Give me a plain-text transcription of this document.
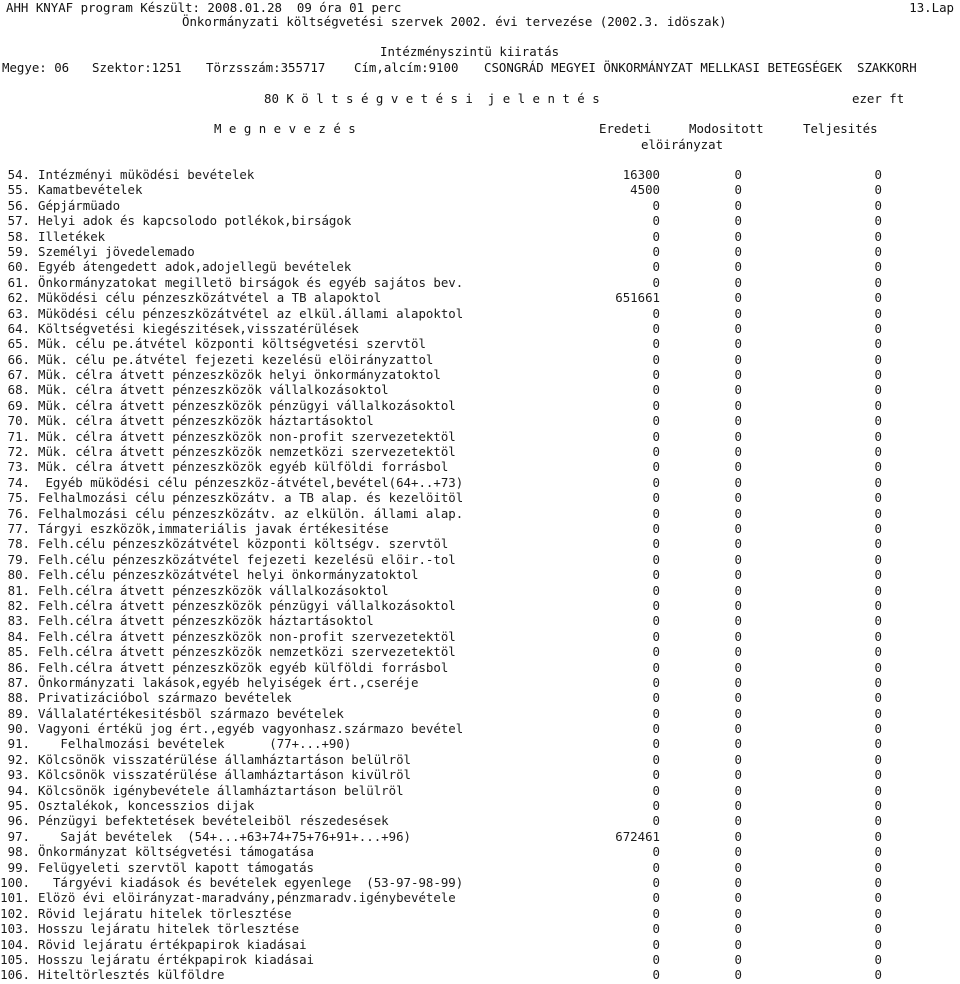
AHH KNYAF program Készült: 2008.01.28  09 óra 01 perc	13.Lap
Önkormányzati költségvetési szervek 2002. évi tervezése (2002.3. idöszak)
Intézményszintü kiiratás
Megye: 06 Szektor:1251 Törzsszám:355717 Cím,alcím:9100 CSONGRÁD MEGYEI ÖNKORMÁNYZAT MELLKASI BETEGSÉGEK  SZAKKORH
80 K ö l t s é g v e t é s i  j e l e n t é s	ezer ft
M e g n e v e z é s	Eredeti	Modositott	Teljesités
elöirányzat
54. Intézményi müködési bevételek	16300	0	0
55. Kamatbevételek	4500	0	0
56. Gépjármüado	0	0	0
57. Helyi adok és kapcsolodo potlékok,birságok	0	0	0
58. Illetékek	0	0	0
59. Személyi jövedelemado	0	0	0
60. Egyéb átengedett adok,adojellegü bevételek	0	0	0
61. Önkormányzatokat megilletö birságok és egyéb sajátos bev.	0	0	0
62. Müködési célu pénzeszközátvétel a TB alapoktol	651661	0	0
63. Müködési célu pénzeszközátvétel az elkül.állami alapoktol	0	0	0
64. Költségvetési kiegészitések,visszatérülések	0	0	0
65. Mük. célu pe.átvétel központi költségvetési szervtöl	0	0	0
66. Mük. célu pe.átvétel fejezeti kezelésü elöirányzattol	0	0	0
67. Mük. célra átvett pénzeszközök helyi önkormányzatoktol	0	0	0
68. Mük. célra átvett pénzeszközök vállalkozásoktol	0	0	0
69. Mük. célra átvett pénzeszközök pénzügyi vállalkozásoktol	0	0	0
70. Mük. célra átvett pénzeszközök háztartásoktol	0	0	0
71. Mük. célra átvett pénzeszközök non-profit szervezetektöl	0	0	0
72. Mük. célra átvett pénzeszközök nemzetközi szervezetektöl	0	0	0
73. Mük. célra átvett pénzeszközök egyéb külföldi forrásbol	0	0	0
74. Egyéb müködési célu pénzeszköz-átvétel,bevétel(64+..+73)	0	0	0
75. Felhalmozási célu pénzeszközátv. a TB alap. és kezelöitöl	0	0	0
76. Felhalmozási célu pénzeszközátv. az elkülön. állami alap.	0	0	0
77. Tárgyi eszközök,immateriális javak értékesitése	0	0	0
78. Felh.célu pénzeszközátvétel központi költségv. szervtöl	0	0	0
79. Felh.célu pénzeszközátvétel fejezeti kezelésü elöir.-tol	0	0	0
80. Felh.célu pénzeszközátvétel helyi önkormányzatoktol	0	0	0
81. Felh.célra átvett pénzeszközök vállalkozásoktol	0	0	0
82. Felh.célra átvett pénzeszközök pénzügyi vállalkozásoktol	0	0	0
83. Felh.célra átvett pénzeszközök háztartásoktol	0	0	0
84. Felh.célra átvett pénzeszközök non-profit szervezetektöl	0	0	0
85. Felh.célra átvett pénzeszközök nemzetközi szervezetektöl	0	0	0
86. Felh.célra átvett pénzeszközök egyéb külföldi forrásbol	0	0	0
87. Önkormányzati lakások,egyéb helyiségek ért.,cseréje	0	0	0
88. Privatizációbol származo bevételek	0	0	0
89. Vállalatértékesitésböl származo bevételek	0	0	0
90. Vagyoni értékü jog ért.,egyéb vagyonhasz.származo bevétel	0	0	0
91. Felhalmozási bevételek      (77+...+90)	0	0	0
92. Kölcsönök visszatérülése államháztartáson belülröl	0	0	0
93. Kölcsönök visszatérülése államháztartáson kivülröl	0	0	0
94. Kölcsönök igénybevétele államháztartáson belülröl	0	0	0
95. Osztalékok, koncesszios dijak	0	0	0
96. Pénzügyi befektetések bevételeiböl részedesések	0	0	0
97. Saját bevételek  (54+...+63+74+75+76+91+...+96)	672461	0	0
98. Önkormányzat költségvetési támogatása	0	0	0
99. Felügyeleti szervtöl kapott támogatás	0	0	0
100. Tárgyévi kiadások és bevételek egyenlege  (53-97-98-99)	0	0	0
101. Elözö évi elöirányzat-maradvány,pénzmaradv.igénybevétele	0	0	0
102. Rövid lejáratu hitelek törlesztése	0	0	0
103. Hosszu lejáratu hitelek törlesztése	0	0	0
104. Rövid lejáratu értékpapirok kiadásai	0	0	0
105. Hosszu lejáratu értékpapirok kiadásai	0	0	0
106. Hiteltörlesztés külföldre	0	0	0
